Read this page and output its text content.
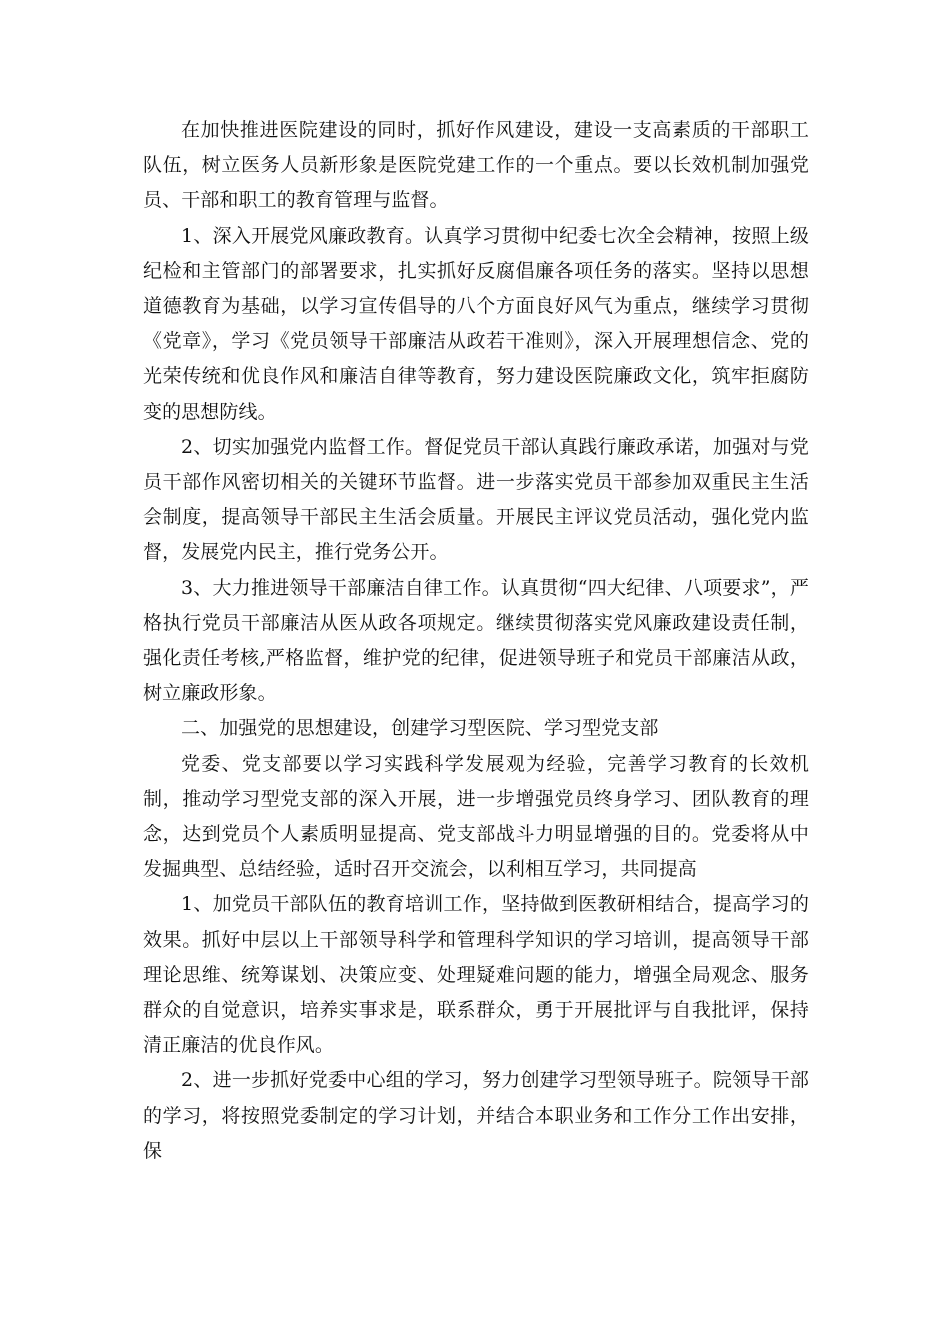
在加快推进医院建设的同时，抓好作风建设，建设一支高素质的干部职工队伍，树立医务人员新形象是医院党建工作的一个重点。要以长效机制加强党员、干部和职工的教育管理与监督。

1、深入开展党风廉政教育。认真学习贯彻中纪委七次全会精神，按照上级纪检和主管部门的部署要求，扎实抓好反腐倡廉各项任务的落实。坚持以思想道德教育为基础，以学习宣传倡导的八个方面良好风气为重点，继续学习贯彻《党章》，学习《党员领导干部廉洁从政若干准则》，深入开展理想信念、党的光荣传统和优良作风和廉洁自律等教育，努力建设医院廉政文化，筑牢拒腐防变的思想防线。

2、切实加强党内监督工作。督促党员干部认真践行廉政承诺，加强对与党员干部作风密切相关的关键环节监督。进一步落实党员干部参加双重民主生活会制度，提高领导干部民主生活会质量。开展民主评议党员活动，强化党内监督，发展党内民主，推行党务公开。

3、大力推进领导干部廉洁自律工作。认真贯彻“四大纪律、八项要求”，严格执行党员干部廉洁从医从政各项规定。继续贯彻落实党风廉政建设责任制，强化责任考核,严格监督，维护党的纪律，促进领导班子和党员干部廉洁从政，树立廉政形象。

二、加强党的思想建设，创建学习型医院、学习型党支部

党委、党支部要以学习实践科学发展观为经验，完善学习教育的长效机制，推动学习型党支部的深入开展，进一步增强党员终身学习、团队教育的理念，达到党员个人素质明显提高、党支部战斗力明显增强的目的。党委将从中发掘典型、总结经验，适时召开交流会，以利相互学习，共同提高

1、加党员干部队伍的教育培训工作，坚持做到医教研相结合，提高学习的效果。抓好中层以上干部领导科学和管理科学知识的学习培训，提高领导干部理论思维、统筹谋划、决策应变、处理疑难问题的能力，增强全局观念、服务群众的自觉意识，培养实事求是，联系群众，勇于开展批评与自我批评，保持清正廉洁的优良作风。

2、进一步抓好党委中心组的学习，努力创建学习型领导班子。院领导干部的学习，将按照党委制定的学习计划，并结合本职业务和工作分工作出安排，保
